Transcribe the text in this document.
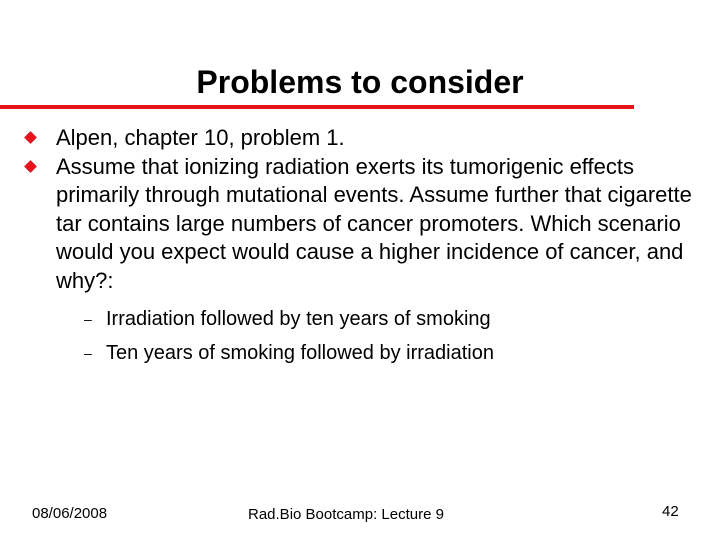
Problems to consider
Alpen, chapter 10, problem 1.
Assume that ionizing radiation exerts its tumorigenic effects primarily through mutational events. Assume further that cigarette tar contains large numbers of cancer promoters. Which scenario would you expect would cause a higher incidence of cancer, and why?:
– Irradiation followed by ten years of smoking
– Ten years of smoking followed by irradiation
08/06/2008	Rad.Bio Bootcamp: Lecture 9	42
